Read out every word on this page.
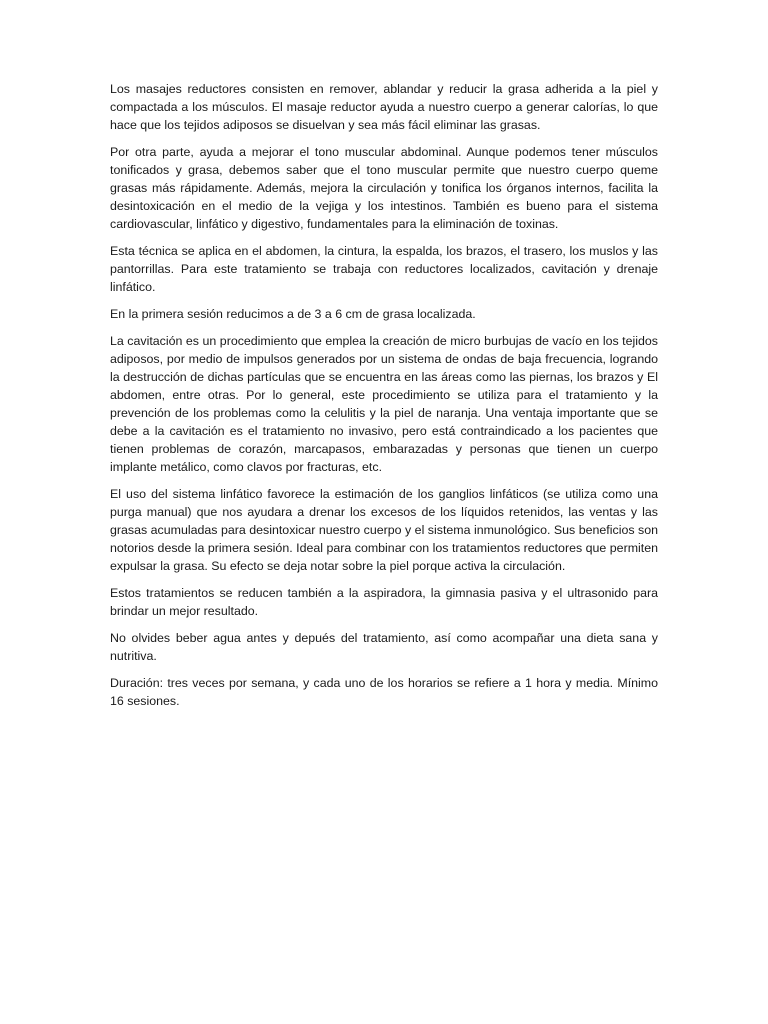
Los masajes reductores consisten en remover, ablandar y reducir la grasa adherida a la piel y compactada a los músculos. El masaje reductor ayuda a nuestro cuerpo a generar calorías, lo que hace que los tejidos adiposos se disuelvan y sea más fácil eliminar las grasas.

Por otra parte, ayuda a mejorar el tono muscular abdominal. Aunque podemos tener músculos tonificados y grasa, debemos saber que el tono muscular permite que nuestro cuerpo queme grasas más rápidamente. Además, mejora la circulación y tonifica los órganos internos, facilita la desintoxicación en el medio de la vejiga y los intestinos. También es bueno para el sistema cardiovascular, linfático y digestivo, fundamentales para la eliminación de toxinas.

Esta técnica se aplica en el abdomen, la cintura, la espalda, los brazos, el trasero, los muslos y las pantorrillas. Para este tratamiento se trabaja con reductores localizados, cavitación y drenaje linfático.

En la primera sesión reducimos a de 3 a 6 cm de grasa localizada.

La cavitación es un procedimiento que emplea la creación de micro burbujas de vacío en los tejidos adiposos, por medio de impulsos generados por un sistema de ondas de baja frecuencia, logrando la destrucción de dichas partículas que se encuentra en las áreas como las piernas, los brazos y El abdomen, entre otras. Por lo general, este procedimiento se utiliza para el tratamiento y la prevención de los problemas como la celulitis y la piel de naranja. Una ventaja importante que se debe a la cavitación es el tratamiento no invasivo, pero está contraindicado a los pacientes que tienen problemas de corazón, marcapasos, embarazadas y personas que tienen un cuerpo implante metálico, como clavos por fracturas, etc.

El uso del sistema linfático favorece la estimación de los ganglios linfáticos (se utiliza como una purga manual) que nos ayudara a drenar los excesos de los líquidos retenidos, las ventas y las grasas acumuladas para desintoxicar nuestro cuerpo y el sistema inmunológico. Sus beneficios son notorios desde la primera sesión. Ideal para combinar con los tratamientos reductores que permiten expulsar la grasa. Su efecto se deja notar sobre la piel porque activa la circulación.

Estos tratamientos se reducen también a la aspiradora, la gimnasia pasiva y el ultrasonido para brindar un mejor resultado.

No olvides beber agua antes y depués del tratamiento, así como acompañar una dieta sana y nutritiva.

Duración: tres veces por semana, y cada uno de los horarios se refiere a 1 hora y media. Mínimo 16 sesiones.
